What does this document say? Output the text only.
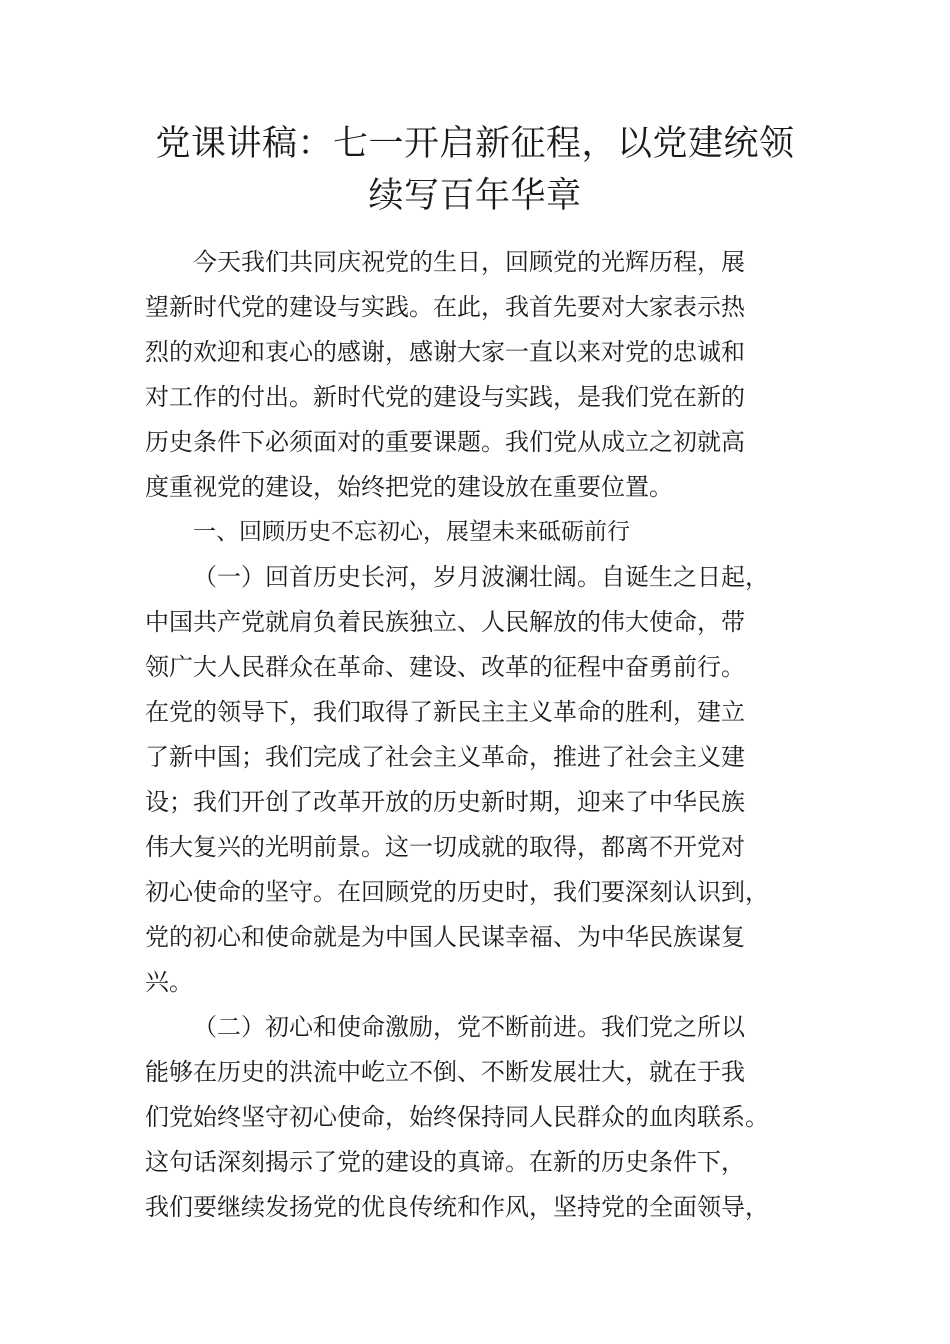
党课讲稿：七一开启新征程，以党建统领
续写百年华章

今天我们共同庆祝党的生日，回顾党的光辉历程，展
望新时代党的建设与实践。在此，我首先要对大家表示热
烈的欢迎和衷心的感谢，感谢大家一直以来对党的忠诚和
对工作的付出。新时代党的建设与实践，是我们党在新的
历史条件下必须面对的重要课题。我们党从成立之初就高
度重视党的建设，始终把党的建设放在重要位置。

一、回顾历史不忘初心，展望未来砥砺前行

（一）回首历史长河，岁月波澜壮阔。自诞生之日起，
中国共产党就肩负着民族独立、人民解放的伟大使命，带
领广大人民群众在革命、建设、改革的征程中奋勇前行。
在党的领导下，我们取得了新民主主义革命的胜利，建立
了新中国；我们完成了社会主义革命，推进了社会主义建
设；我们开创了改革开放的历史新时期，迎来了中华民族
伟大复兴的光明前景。这一切成就的取得，都离不开党对
初心使命的坚守。在回顾党的历史时，我们要深刻认识到，
党的初心和使命就是为中国人民谋幸福、为中华民族谋复
兴。

（二）初心和使命激励，党不断前进。我们党之所以
能够在历史的洪流中屹立不倒、不断发展壮大，就在于我
们党始终坚守初心使命，始终保持同人民群众的血肉联系。
这句话深刻揭示了党的建设的真谛。在新的历史条件下，
我们要继续发扬党的优良传统和作风，坚持党的全面领导，
